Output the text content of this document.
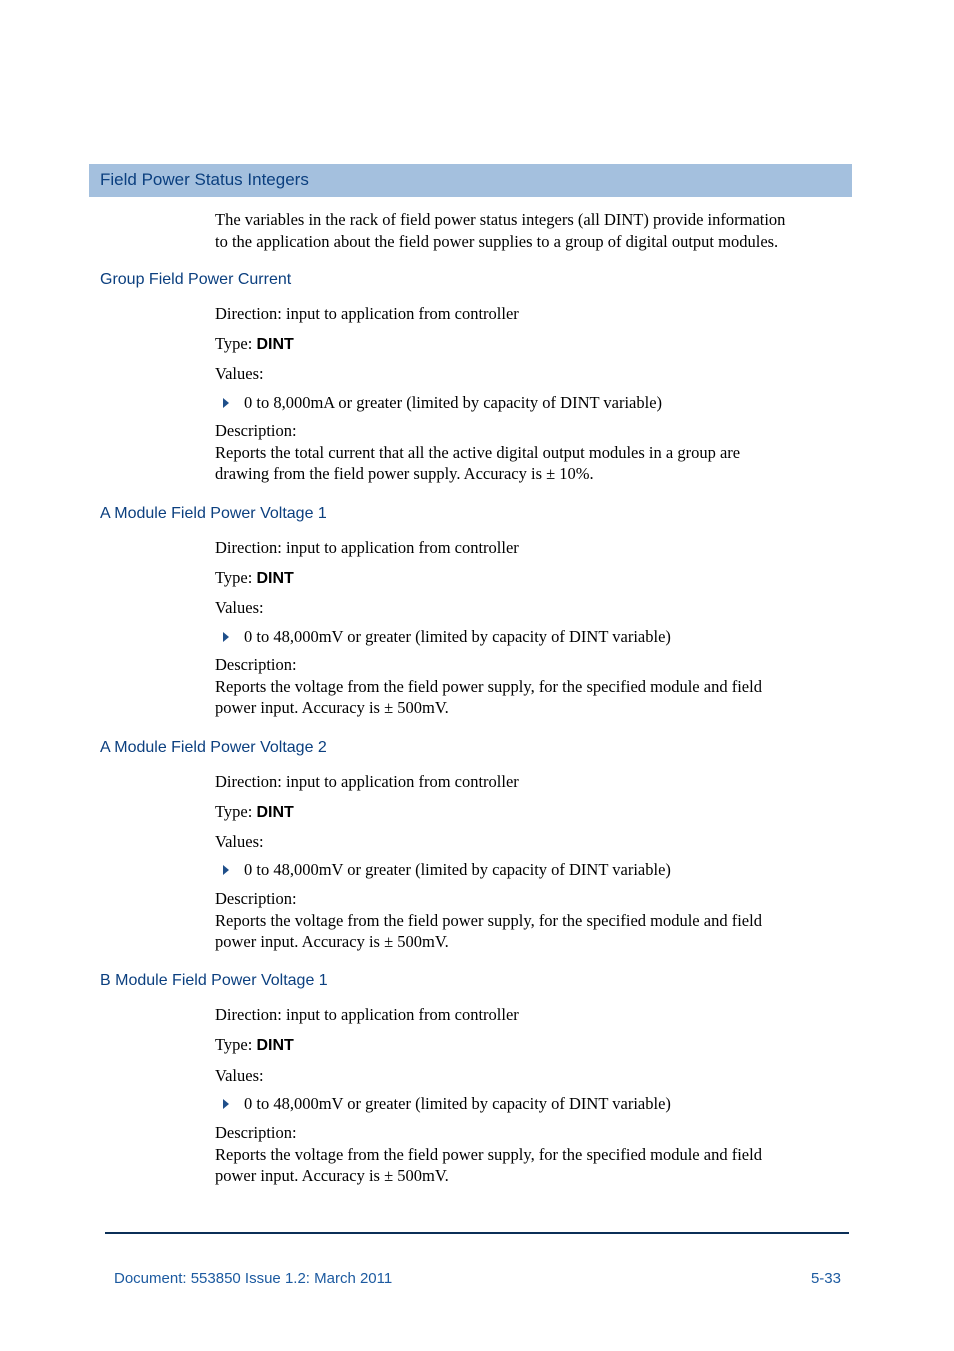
Field Power Status Integers
The variables in the rack of field power status integers (all DINT) provide information
to the application about the field power supplies to a group of digital output modules.
Group Field Power Current
Direction: input to application from controller
Type: DINT
Values:
0 to 8,000mA or greater (limited by capacity of DINT variable)
Description:
Reports the total current that all the active digital output modules in a group are
drawing from the field power supply. Accuracy is ± 10%.
A Module Field Power Voltage 1
Direction: input to application from controller
Type: DINT
Values:
0 to 48,000mV or greater (limited by capacity of DINT variable)
Description:
Reports the voltage from the field power supply, for the specified module and field
power input. Accuracy is ± 500mV.
A Module Field Power Voltage 2
Direction: input to application from controller
Type: DINT
Values:
0 to 48,000mV or greater (limited by capacity of DINT variable)
Description:
Reports the voltage from the field power supply, for the specified module and field
power input. Accuracy is ± 500mV.
B Module Field Power Voltage 1
Direction: input to application from controller
Type: DINT
Values:
0 to 48,000mV or greater (limited by capacity of DINT variable)
Description:
Reports the voltage from the field power supply, for the specified module and field
power input. Accuracy is ± 500mV.
Document: 553850 Issue 1.2: March 2011	5-33
